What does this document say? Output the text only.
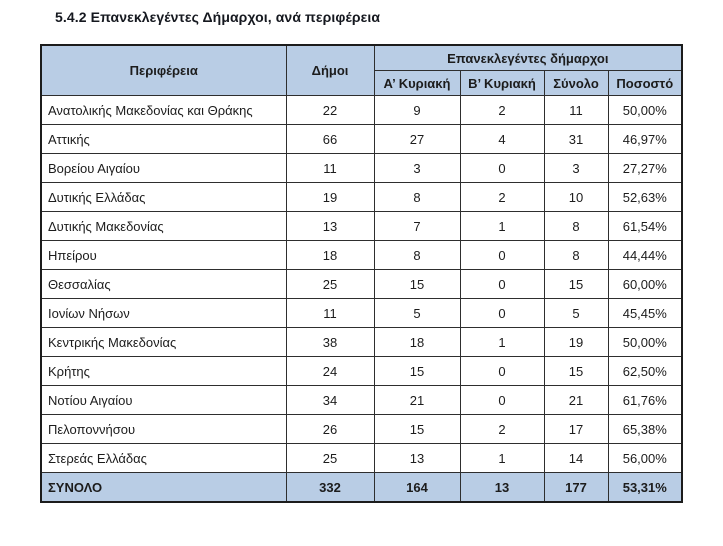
5.4.2 Επανεκλεγέντες Δήμαρχοι, ανά περιφέρεια
Περιφέρεια	Δήμοι	Επανεκλεγέντες δήμαρχοι			
		Α’ Κυριακή	Β’ Κυριακή	Σύνολο	Ποσοστό
Ανατολικής Μακεδονίας και Θράκης	22	9	2	11	50,00%
Αττικής	66	27	4	31	46,97%
Βορείου Αιγαίου	11	3	0	3	27,27%
Δυτικής Ελλάδας	19	8	2	10	52,63%
Δυτικής Μακεδονίας	13	7	1	8	61,54%
Ηπείρου	18	8	0	8	44,44%
Θεσσαλίας	25	15	0	15	60,00%
Ιονίων Νήσων	11	5	0	5	45,45%
Κεντρικής Μακεδονίας	38	18	1	19	50,00%
Κρήτης	24	15	0	15	62,50%
Νοτίου Αιγαίου	34	21	0	21	61,76%
Πελοποννήσου	26	15	2	17	65,38%
Στερεάς Ελλάδας	25	13	1	14	56,00%
ΣΥΝΟΛΟ	332	164	13	177	53,31%
